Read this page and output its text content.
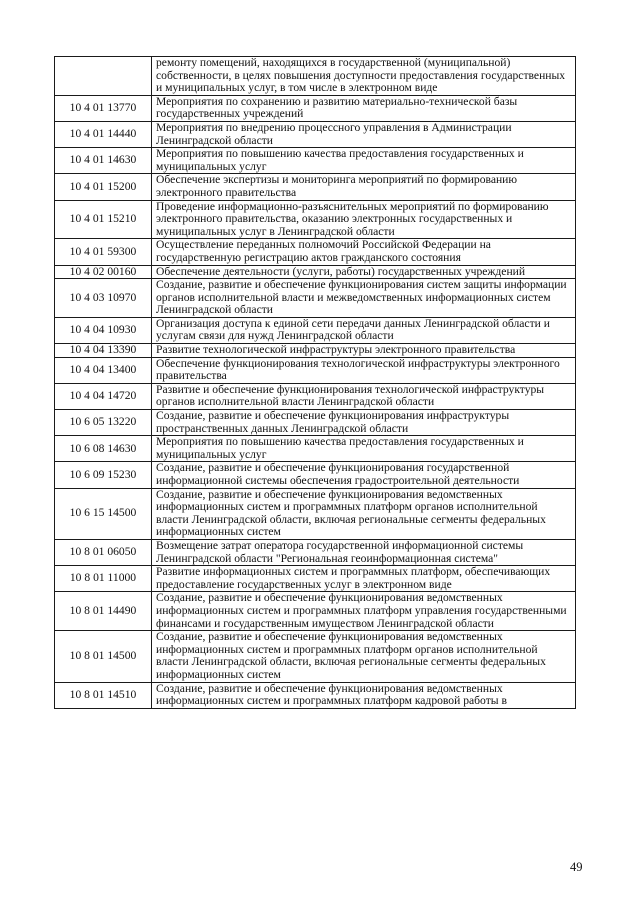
	ремонту помещений, находящихся в государственной (муниципальной) собственности, в целях повышения доступности предоставления государственных и муниципальных услуг, в том числе в электронном виде
10 4 01 13770	Мероприятия по сохранению и развитию материально-технической базы государственных учреждений
10 4 01 14440	Мероприятия по внедрению процессного управления в Администрации Ленинградской области
10 4 01 14630	Мероприятия по повышению качества предоставления государственных и муниципальных услуг
10 4 01 15200	Обеспечение экспертизы и мониторинга мероприятий по формированию электронного правительства
10 4 01 15210	Проведение информационно-разъяснительных мероприятий по формированию электронного правительства, оказанию электронных государственных и муниципальных услуг в Ленинградской области
10 4 01 59300	Осуществление переданных полномочий Российской Федерации на государственную регистрацию актов гражданского состояния
10 4 02 00160	Обеспечение деятельности (услуги, работы) государственных учреждений
10 4 03 10970	Создание, развитие и обеспечение функционирования систем защиты информации органов исполнительной власти и межведомственных информационных систем Ленинградской области
10 4 04 10930	Организация доступа к единой сети передачи данных Ленинградской области и услугам связи для нужд Ленинградской области
10 4 04 13390	Развитие технологической инфраструктуры электронного правительства
10 4 04 13400	Обеспечение функционирования технологической инфраструктуры электронного правительства
10 4 04 14720	Развитие и обеспечение функционирования технологической инфраструктуры органов исполнительной власти Ленинградской области
10 6 05 13220	Создание, развитие и обеспечение функционирования инфраструктуры пространственных данных Ленинградской области
10 6 08 14630	Мероприятия по повышению качества предоставления государственных и муниципальных услуг
10 6 09 15230	Создание, развитие и обеспечение функционирования государственной информационной системы обеспечения градостроительной деятельности
10 6 15 14500	Создание, развитие и обеспечение функционирования ведомственных информационных систем и программных платформ органов исполнительной власти Ленинградской области, включая региональные сегменты федеральных информационных систем
10 8 01 06050	Возмещение затрат оператора государственной информационной системы Ленинградской области "Региональная геоинформационная система"
10 8 01 11000	Развитие информационных систем и программных платформ, обеспечивающих предоставление государственных услуг в электронном виде
10 8 01 14490	Создание, развитие и обеспечение функционирования ведомственных информационных систем и программных платформ управления государственными финансами и государственным имуществом Ленинградской области
10 8 01 14500	Создание, развитие и обеспечение функционирования ведомственных информационных систем и программных платформ органов исполнительной власти Ленинградской области, включая региональные сегменты федеральных информационных систем
10 8 01 14510	Создание, развитие и обеспечение функционирования ведомственных информационных систем и программных платформ кадровой работы в
49
